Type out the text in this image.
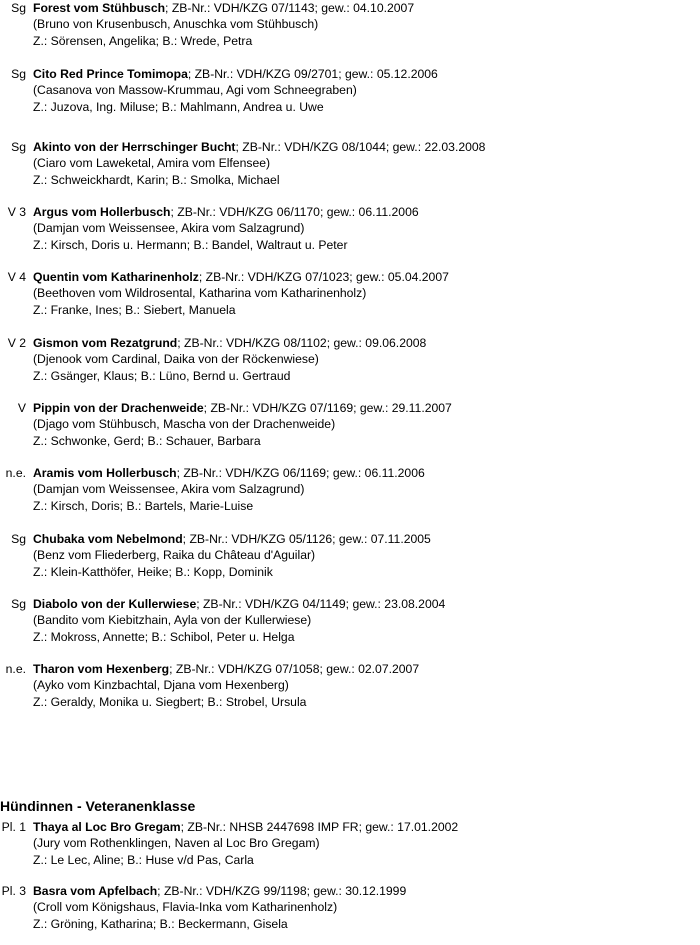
Sg Forest vom Stühbusch; ZB-Nr.: VDH/KZG 07/1143; gew.: 04.10.2007
(Bruno von Krusenbusch, Anuschka vom Stühbusch)
Z.: Sörensen, Angelika; B.: Wrede, Petra
Sg Cito Red Prince Tomimopa; ZB-Nr.: VDH/KZG 09/2701; gew.: 05.12.2006
(Casanova von Massow-Krummau, Agi vom Schneegraben)
Z.: Juzova, Ing. Miluse; B.: Mahlmann, Andrea u. Uwe
Sg Akinto von der Herrschinger Bucht; ZB-Nr.: VDH/KZG 08/1044; gew.: 22.03.2008
(Ciaro vom Laweketal, Amira vom Elfensee)
Z.: Schweickhardt, Karin; B.: Smolka, Michael
V 3 Argus vom Hollerbusch; ZB-Nr.: VDH/KZG 06/1170; gew.: 06.11.2006
(Damjan vom Weissensee, Akira vom Salzagrund)
Z.: Kirsch, Doris u. Hermann; B.: Bandel, Waltraut u. Peter
V 4 Quentin vom Katharinenholz; ZB-Nr.: VDH/KZG 07/1023; gew.: 05.04.2007
(Beethoven vom Wildrosental, Katharina vom Katharinenholz)
Z.: Franke, Ines; B.: Siebert, Manuela
V 2 Gismon vom Rezatgrund; ZB-Nr.: VDH/KZG 08/1102; gew.: 09.06.2008
(Djenook vom Cardinal, Daika von der Röckenwiese)
Z.: Gsänger, Klaus; B.: Lüno, Bernd u. Gertraud
V Pippin von der Drachenweide; ZB-Nr.: VDH/KZG 07/1169; gew.: 29.11.2007
(Djago vom Stühbusch, Mascha von der Drachenweide)
Z.: Schwonke, Gerd; B.: Schauer, Barbara
n.e. Aramis vom Hollerbusch; ZB-Nr.: VDH/KZG 06/1169; gew.: 06.11.2006
(Damjan vom Weissensee, Akira vom Salzagrund)
Z.: Kirsch, Doris; B.: Bartels, Marie-Luise
Sg Chubaka vom Nebelmond; ZB-Nr.: VDH/KZG 05/1126; gew.: 07.11.2005
(Benz vom Fliederberg, Raika du Château d'Aguilar)
Z.: Klein-Katthöfer, Heike; B.: Kopp, Dominik
Sg Diabolo von der Kullerwiese; ZB-Nr.: VDH/KZG 04/1149; gew.: 23.08.2004
(Bandito vom Kiebitzhain, Ayla von der Kullerwiese)
Z.: Mokross, Annette; B.: Schibol, Peter u. Helga
n.e. Tharon vom Hexenberg; ZB-Nr.: VDH/KZG 07/1058; gew.: 02.07.2007
(Ayko vom Kinzbachtal, Djana vom Hexenberg)
Z.: Geraldy, Monika u. Siegbert; B.: Strobel, Ursula
Hündinnen - Veteranenklasse
Pl. 1 Thaya al Loc Bro Gregam; ZB-Nr.: NHSB 2447698 IMP FR; gew.: 17.01.2002
(Jury vom Rothenklingen, Naven al Loc Bro Gregam)
Z.: Le Lec, Aline; B.: Huse v/d Pas, Carla
Pl. 3 Basra vom Apfelbach; ZB-Nr.: VDH/KZG 99/1198; gew.: 30.12.1999
(Croll vom Königshaus, Flavia-Inka vom Katharinenholz)
Z.: Gröning, Katharina; B.: Beckermann, Gisela
